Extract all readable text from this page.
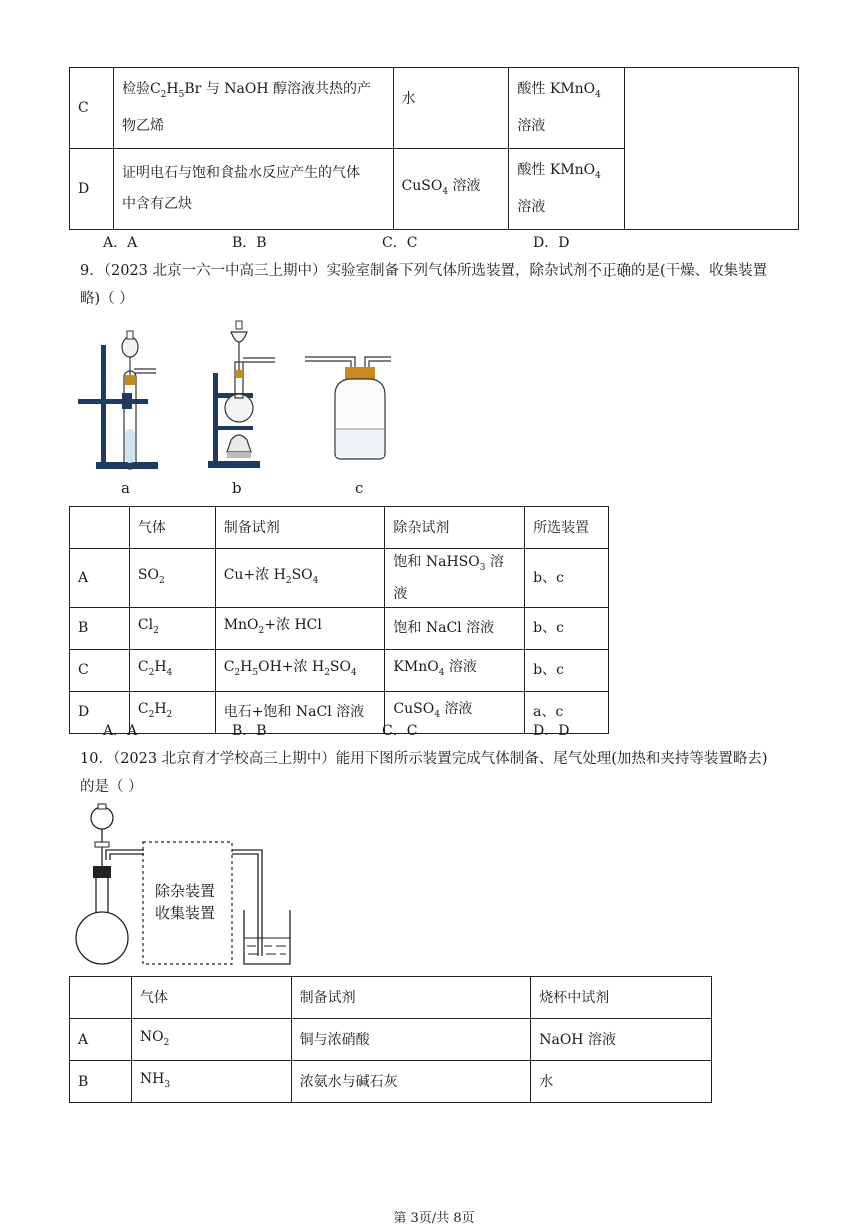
C	检验$C_2H_5Br$ 与 NaOH 醇溶液共热的产
物乙烯	水	酸性 KMnO$_4$
溶液	
D	证明电石与饱和食盐水反应产生的气体
中含有乙炔	CuSO$_4$ 溶液	酸性 KMnO$_4$
溶液	
A．A	B．B	C．C	D．D
9．（2023 北京一六一中高三上期中）实验室制备下列气体所选装置，除杂试剂不正确的是(干燥、收集装置
略)（ ）
a	b	c
	气体	制备试剂	除杂试剂	所选装置
A	$SO_2$	Cu+浓 $H_2SO_4$	饱和 NaHSO$_3$ 溶液	b、c
B	$Cl_2$	MnO$_2$+浓 HCl	饱和 NaCl 溶液	b、c
C	$C_2H_4$	$C_2H_5OH+$浓 $H_2SO_4$	KMnO$_4$ 溶液	b、c
D	$C_2H_2$	电石+饱和 NaCl 溶液	CuSO$_4$ 溶液	a、c
A．A	B．B	C．C	D．D
10．（2023 北京育才学校高三上期中）能用下图所示装置完成气体制备、尾气处理(加热和夹持等装置略去)
的是（ ）
除杂装置
收集装置
	气体	制备试剂	烧杯中试剂
A	$NO_2$	铜与浓硝酸	NaOH 溶液
B	$NH_3$	浓氨水与碱石灰	水
第 3页/共 8页
